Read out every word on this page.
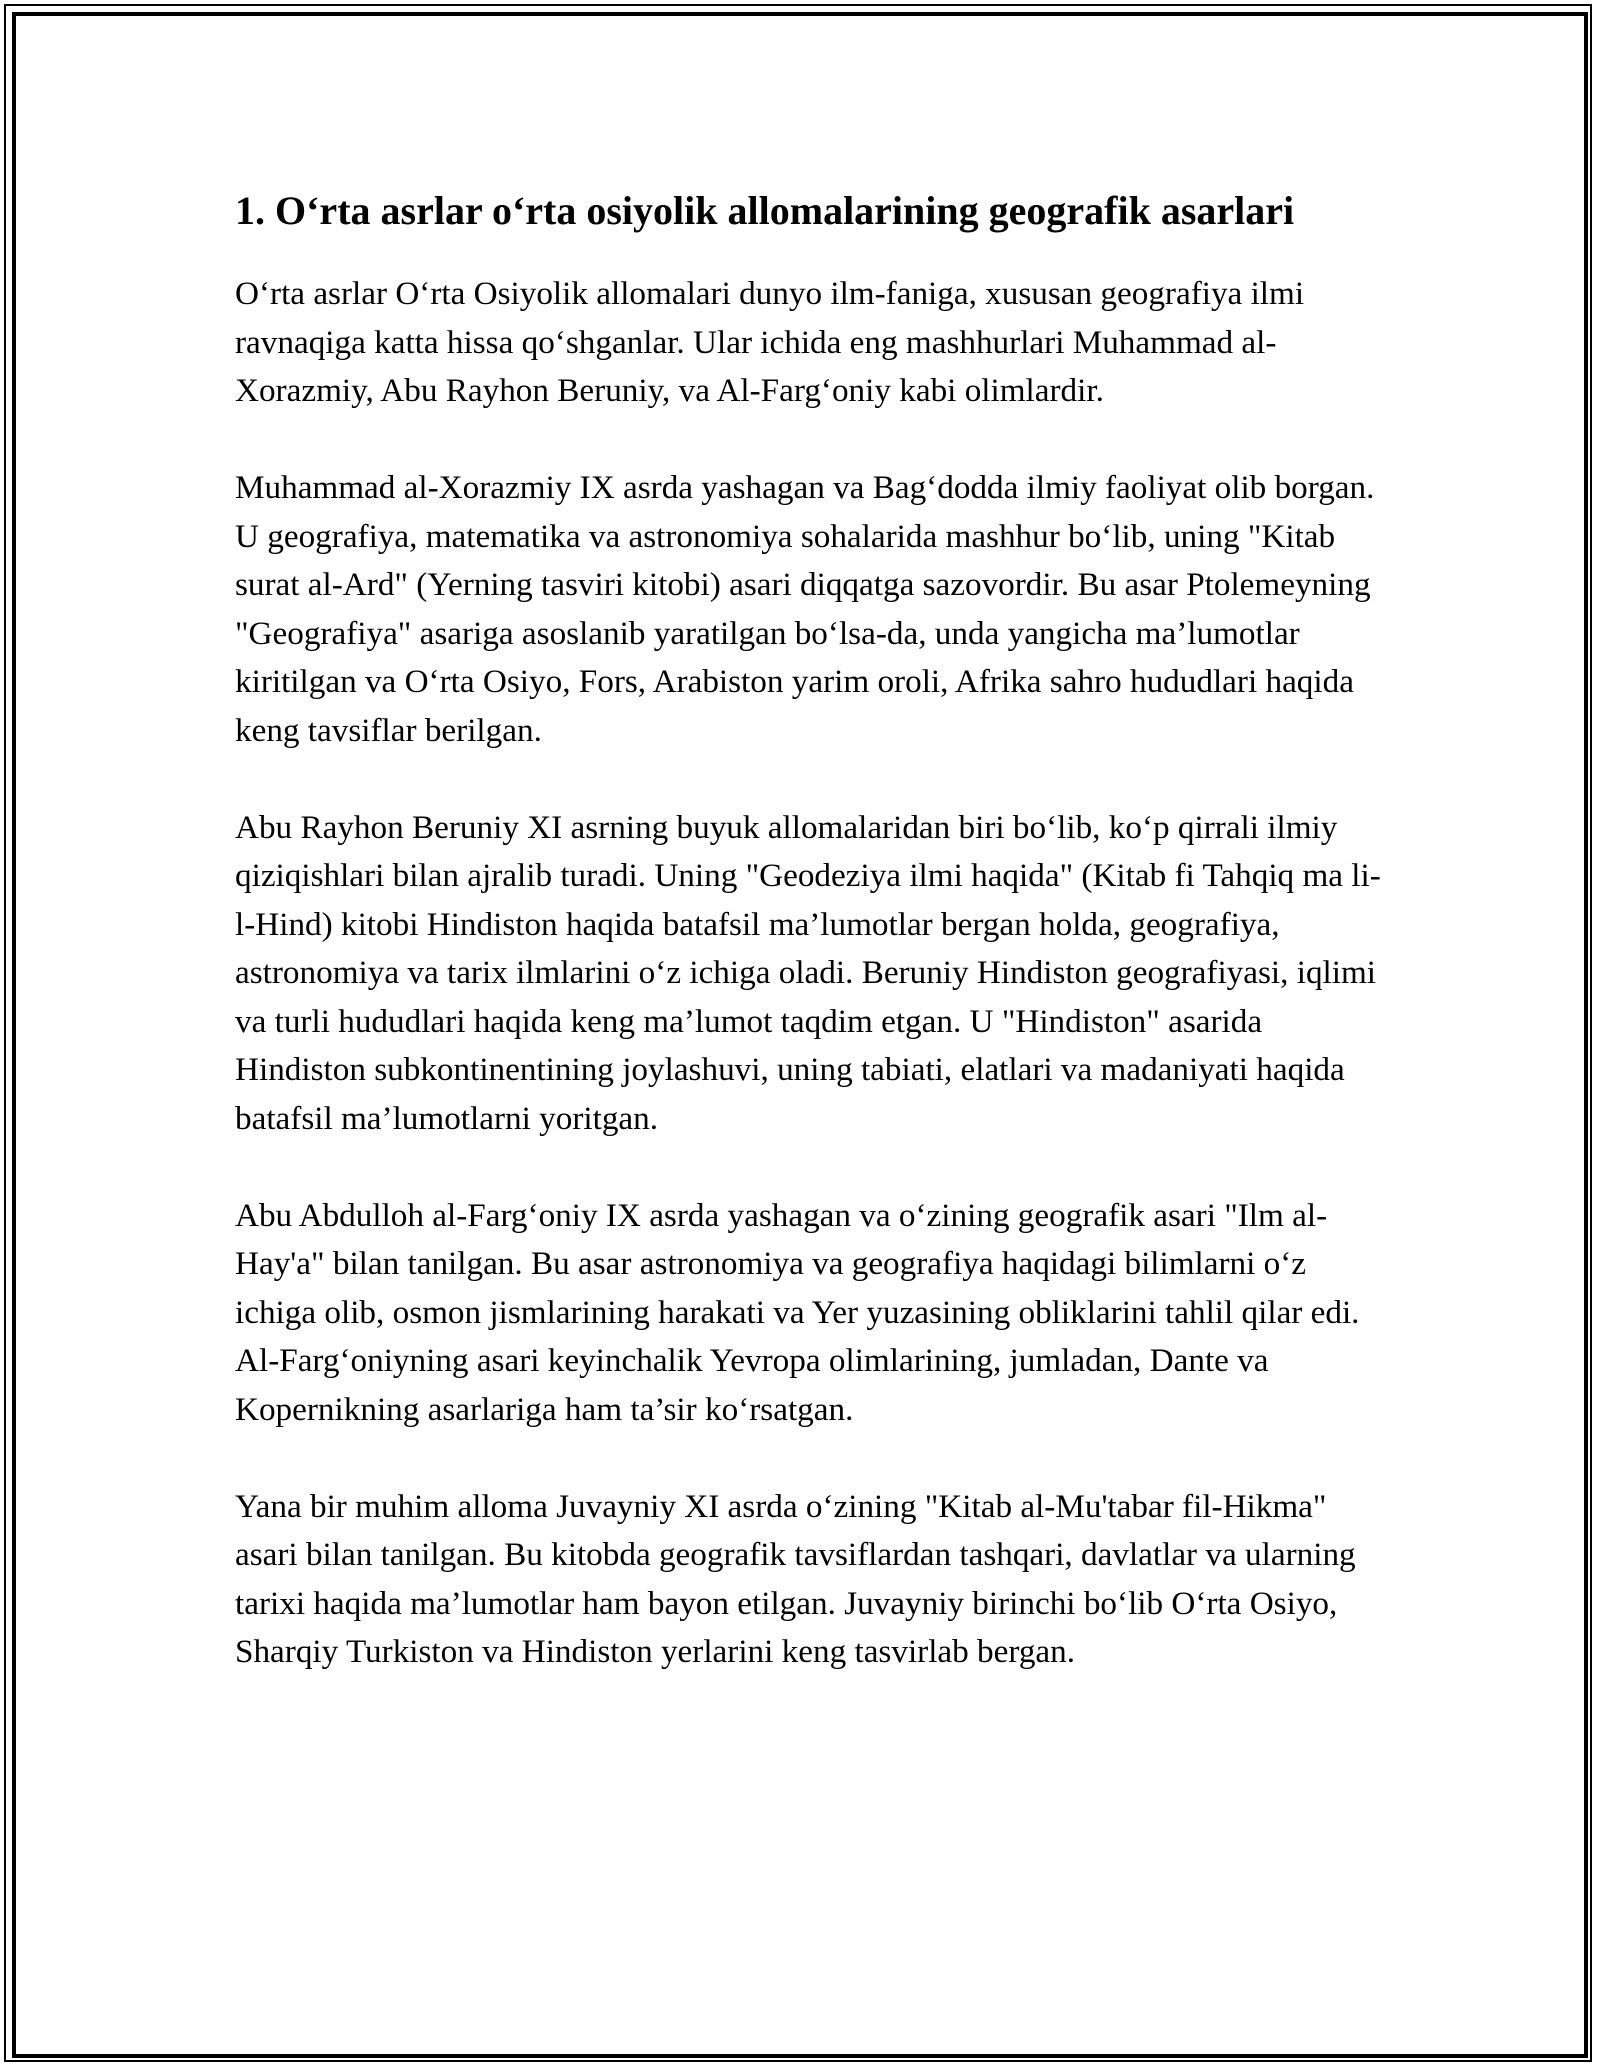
1. O‘rta asrlar o‘rta osiyolik allomalarining geografik asarlari

O‘rta asrlar O‘rta Osiyolik allomalari dunyo ilm-faniga, xususan geografiya ilmi ravnaqiga katta hissa qo‘shganlar. Ular ichida eng mashhurlari Muhammad al-Xorazmiy, Abu Rayhon Beruniy, va Al-Farg‘oniy kabi olimlardir.

Muhammad al-Xorazmiy IX asrda yashagan va Bag‘dodda ilmiy faoliyat olib borgan. U geografiya, matematika va astronomiya sohalarida mashhur bo‘lib, uning "Kitab surat al-Ard" (Yerning tasviri kitobi) asari diqqatga sazovordir. Bu asar Ptolemeyning "Geografiya" asariga asoslanib yaratilgan bo‘lsa-da, unda yangicha ma’lumotlar kiritilgan va O‘rta Osiyo, Fors, Arabiston yarim oroli, Afrika sahro hududlari haqida keng tavsiflar berilgan.

Abu Rayhon Beruniy XI asrning buyuk allomalaridan biri bo‘lib, ko‘p qirrali ilmiy qiziqishlari bilan ajralib turadi. Uning "Geodeziya ilmi haqida" (Kitab fi Tahqiq ma li-l-Hind) kitobi Hindiston haqida batafsil ma’lumotlar bergan holda, geografiya, astronomiya va tarix ilmlarini o‘z ichiga oladi. Beruniy Hindiston geografiyasi, iqlimi va turli hududlari haqida keng ma’lumot taqdim etgan. U "Hindiston" asarida Hindiston subkontinentining joylashuvi, uning tabiati, elatlari va madaniyati haqida batafsil ma’lumotlarni yoritgan.

Abu Abdulloh al-Farg‘oniy IX asrda yashagan va o‘zining geografik asari "Ilm al-Hay'a" bilan tanilgan. Bu asar astronomiya va geografiya haqidagi bilimlarni o‘z ichiga olib, osmon jismlarining harakati va Yer yuzasining obliklarini tahlil qilar edi. Al-Farg‘oniyning asari keyinchalik Yevropa olimlarining, jumladan, Dante va Kopernikning asarlariga ham ta’sir ko‘rsatgan.

Yana bir muhim alloma Juvayniy XI asrda o‘zining "Kitab al-Mu'tabar fil-Hikma" asari bilan tanilgan. Bu kitobda geografik tavsiflardan tashqari, davlatlar va ularning tarixi haqida ma’lumotlar ham bayon etilgan. Juvayniy birinchi bo‘lib O‘rta Osiyo, Sharqiy Turkiston va Hindiston yerlarini keng tasvirlab bergan.
